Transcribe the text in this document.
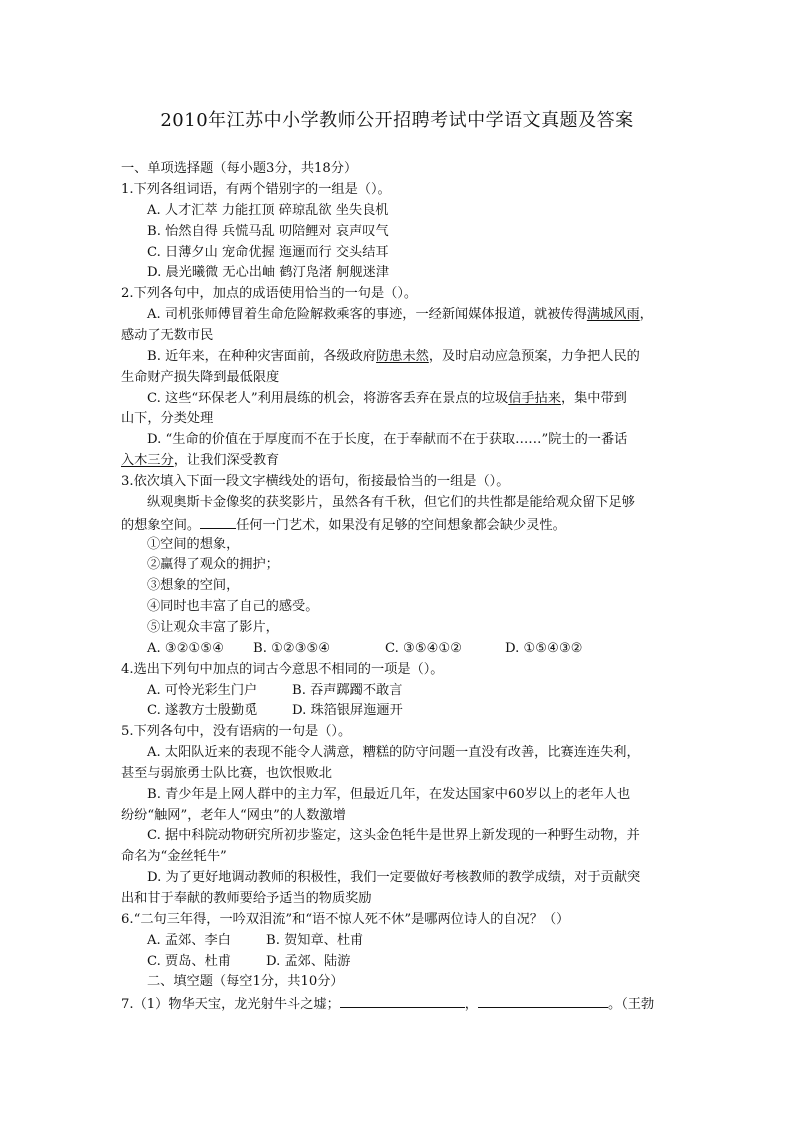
2010年江苏中小学教师公开招聘考试中学语文真题及答案
一、单项选择题（每小题3分，共18分）
1.下列各组词语，有两个错别字的一组是（）。
A. 人才汇萃 力能扛顶 碎琼乱欲 坐失良机
B. 怡然自得 兵慌马乱 叨陪鲤对 哀声叹气
C. 日薄夕山 宠命优握 迤逦而行 交头结耳
D. 晨光曦微 无心岀岫 鹤汀凫渚 舸舰迷津
2.下列各句中，加点的成语使用恰当的一句是（）。
A. 司机张师傅冒着生命危险解救乘客的事迹，一经新闻媒体报道，就被传得满城风雨，
感动了无数市民
B. 近年来，在种种灾害面前，各级政府防患未然，及时启动应急预案，力争把人民的
生命财产损失降到最低限度
C. 这些“环保老人”利用晨练的机会，将游客丢弃在景点的垃圾信手拈来，集中带到
山下，分类处理
D. “生命的价值在于厚度而不在于长度，在于奉献而不在于获取……”院士的一番话
入木三分，让我们深受教育
3.依次填入下面一段文字横线处的语句，衔接最恰当的一组是（）。
纵观奥斯卡金像奖的获奖影片，虽然各有千秋，但它们的共性都是能给观众留下足够
的想象空间。	任何一门艺术，如果没有足够的空间想象都会缺少灵性。
①空间的想象，
②赢得了观众的拥护；
③想象的空间，
④同时也丰富了自己的感受。
⑤让观众丰富了影片，
A. ③②①⑤④ B. ①②③⑤④	C. ③⑤④①②	D. ①⑤④③②
4.选出下列句中加点的词古今意思不相同的一项是（）。
A. 可怜光彩生门户	B. 吞声踯躅不敢言
C. 遂教方士殷勤觅	D. 珠箔银屏迤逦开
5.下列各句中，没有语病的一句是（）。
A. 太阳队近来的表现不能令人满意，糟糕的防守问题一直没有改善，比赛连连失利，
甚至与弱旅勇士队比赛，也饮恨败北
B. 青少年是上网人群中的主力军，但最近几年，在发达国家中60岁以上的老年人也
纷纷“触网”，老年人“网虫”的人数激增
C. 据中科院动物研究所初步鉴定，这头金色牦牛是世界上新发现的一种野生动物，并
命名为“金丝牦牛”
D. 为了更好地调动教师的积极性，我们一定要做好考核教师的教学成绩，对于贡献突
出和甘于奉献的教师要给予适当的物质奖励
6.“二句三年得，一吟双泪流”和“语不惊人死不休”是哪两位诗人的自况？（）
A. 孟郊、李白	B. 贺知章、杜甫
C. 贾岛、杜甫	D. 孟郊、陆游
二、填空题（每空1分，共10分）
7.（1）物华天宝，龙光射牛斗之墟；	，	。（王勃
